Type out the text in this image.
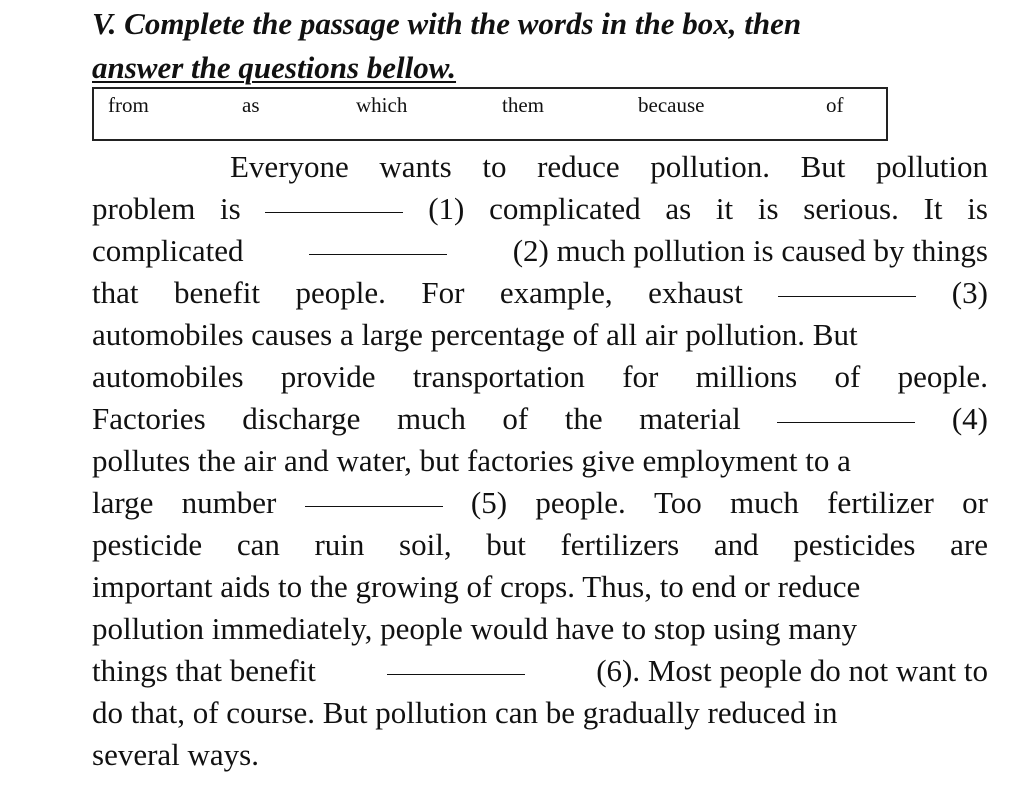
V. Complete the passage with the words in the box, then
answer the questions bellow.
from	as	which	them	because	of
Everyone wants to reduce pollution. But pollution
problem is	(1) complicated as it is serious. It is
complicated	(2) much pollution is caused by things
that benefit people. For example, exhaust	(3)
automobiles causes a large percentage of all air pollution. But
automobiles provide transportation for millions of people.
Factories discharge much of the material	(4)
pollutes the air and water, but factories give employment to a
large number	(5) people. Too much fertilizer or
pesticide can ruin soil, but fertilizers and pesticides are
important aids to the growing of crops. Thus, to end or reduce
pollution immediately, people would have to stop using many
things that benefit	(6). Most people do not want to
do that, of course. But pollution can be gradually reduced in
several ways.
